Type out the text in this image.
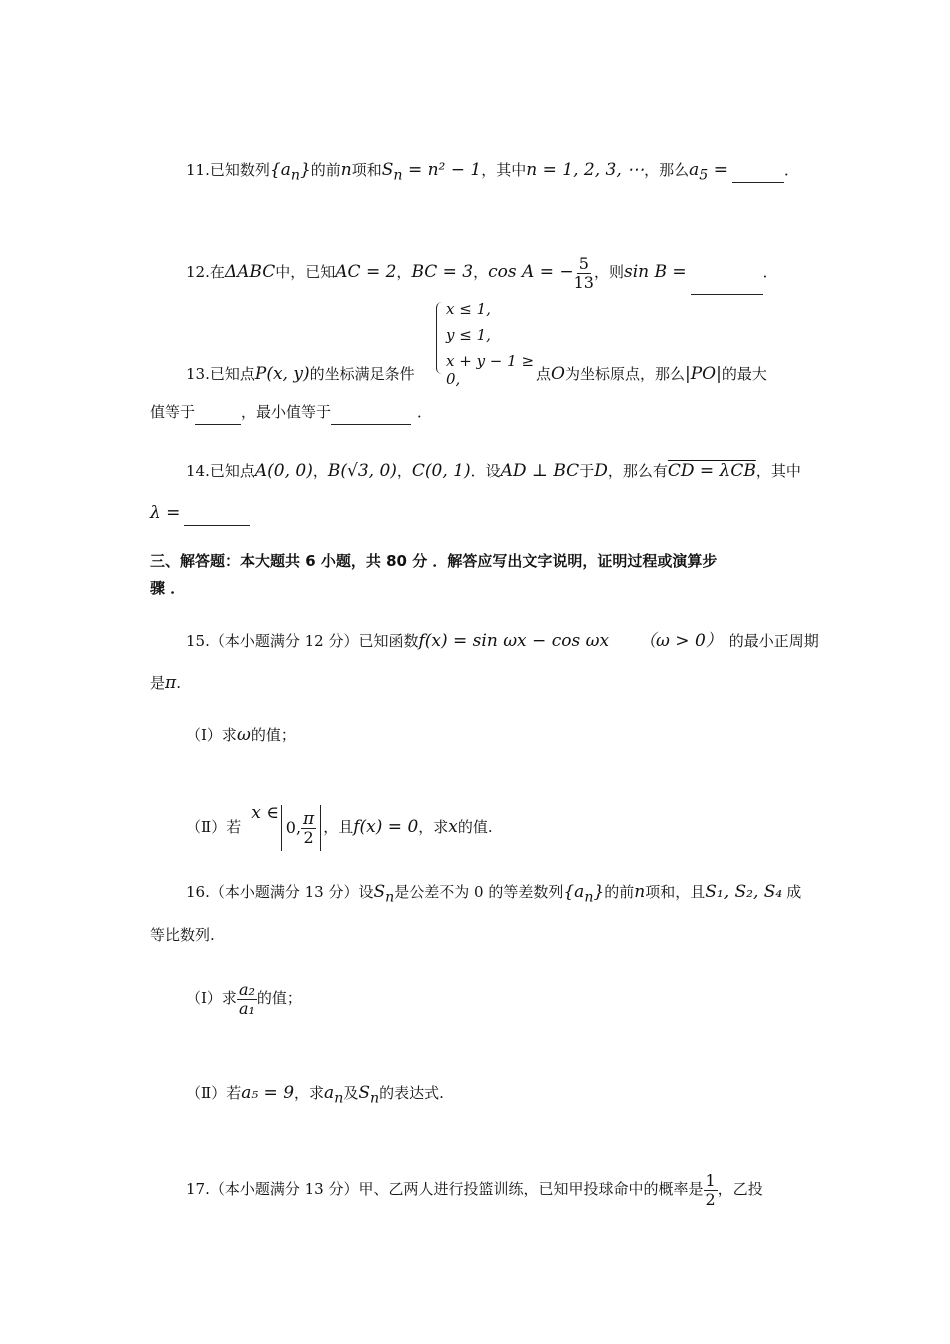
11.已知数列$\{a_n\}$的前n项和$S_n = n^2 - 1$，其中n = 1, 2, 3, ⋯，那么$a_5$ =	．
12.在ΔABC中，已知AC = 2，BC = 3，cos A = − $\frac{5}{13}$ ，则sin B =	．
x ≤ 1,
y ≤ 1,
x + y − 1 ≥ 0,
13.已知点P(x, y)的坐标满足条件	点O为坐标原点，那么|PO|的最大
值等于	，最小值等于	．
14.已知点A(0, 0)，B(√3, 0)，C(0, 1)．设AD ⊥ BC于D，那么有CD = λCB，其中
λ =
三、解答题：本大题共 6 小题，共 80 分 ．解答应写出文字说明，证明过程或演算步
骤 ．
15.（本小题满分 12 分）已知函数f(x) = sin ωx − cos ωx （ω > 0） 的最小正周期
是π.
（Ⅰ）求ω的值；
（Ⅱ）若x ∈
0, $\frac{\pi}{2}$ ，且f(x) = 0，求x的值.
16.（本小题满分 13 分）设$S_n$是公差不为 0 的等差数列$\{a_n\}$的前n项和，且S₁, S₂, S₄ 成
等比数列.
（Ⅰ）求 $\frac{\text{a₂}}{\text{a₁}}$ 的值；
（Ⅱ）若a₅ = 9，求$a_n$及$S_n$的表达式.
17.（本小题满分 13 分）甲、乙两人进行投篮训练，已知甲投球命中的概率是 $\frac{1}{2}$ ，乙投
